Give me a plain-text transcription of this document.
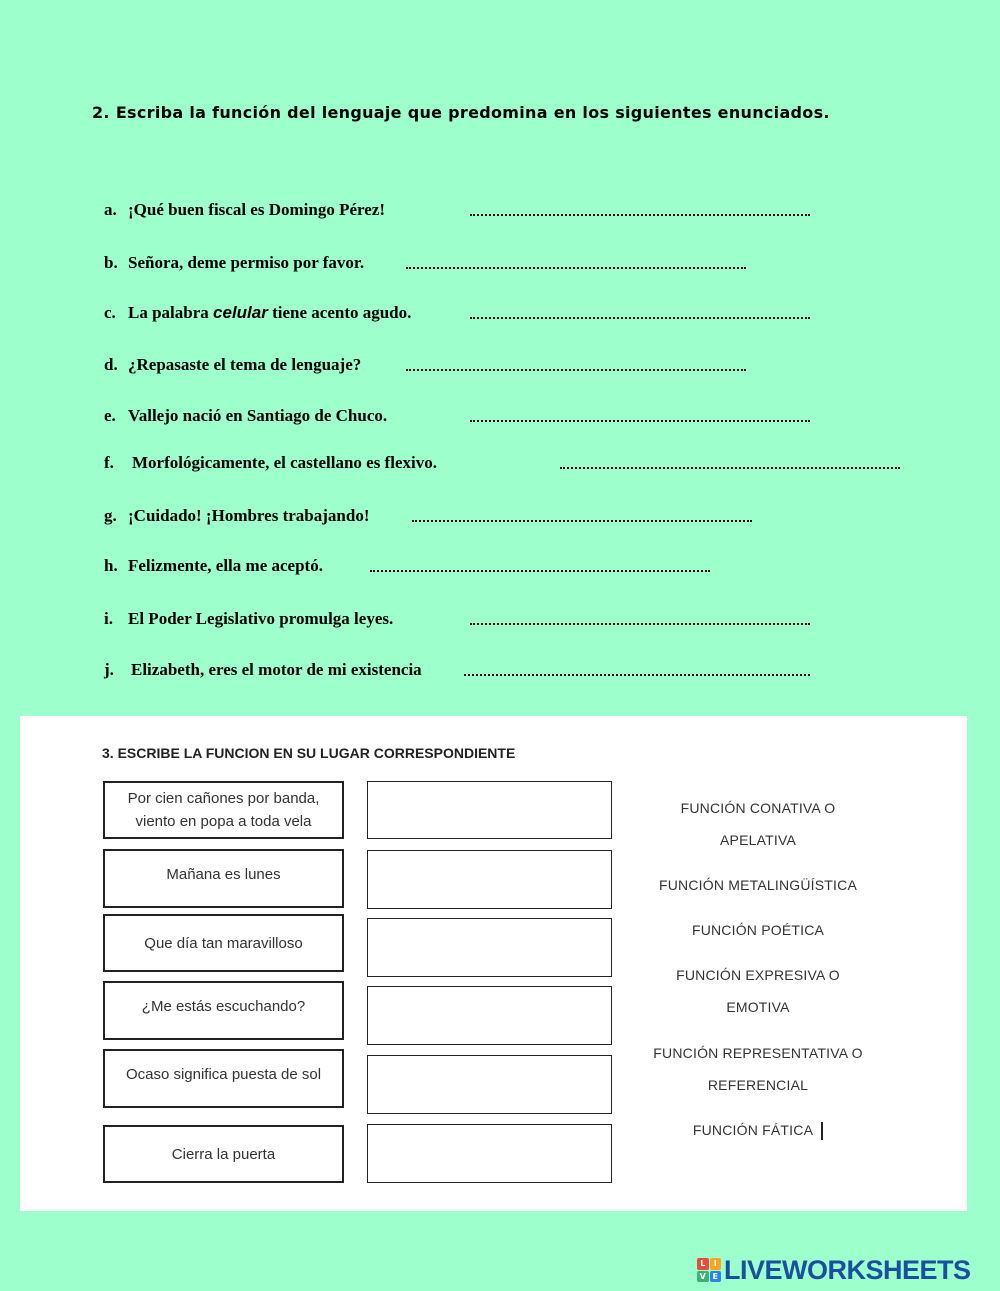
2. Escriba la función del lenguaje que predomina en los siguientes enunciados.
a. ¡Qué buen fiscal es Domingo Pérez!
b. Señora, deme permiso por favor.
c. La palabra celular tiene acento agudo.
d. ¿Repasaste el tema de lenguaje?
e. Vallejo nació en Santiago de Chuco.
f. Morfológicamente, el castellano es flexivo.
g. ¡Cuidado! ¡Hombres trabajando!
h. Felizmente, ella me aceptó.
i. El Poder Legislativo promulga leyes.
j. Elizabeth, eres el motor de mi existencia
3. ESCRIBE LA FUNCION EN SU LUGAR CORRESPONDIENTE
Por cien cañones por banda,
viento en popa a toda vela
Mañana es lunes
Que día tan maravilloso
¿Me estás escuchando?
Ocaso significa puesta de sol
Cierra la puerta
FUNCIÓN CONATIVA O
APELATIVA
FUNCIÓN METALINGÜÍSTICA
FUNCIÓN POÉTICA
FUNCIÓN EXPRESIVA O
EMOTIVA
FUNCIÓN REPRESENTATIVA O
REFERENCIAL
FUNCIÓN FÁTICA
L	I
V E LIVEWORKSHEETS
